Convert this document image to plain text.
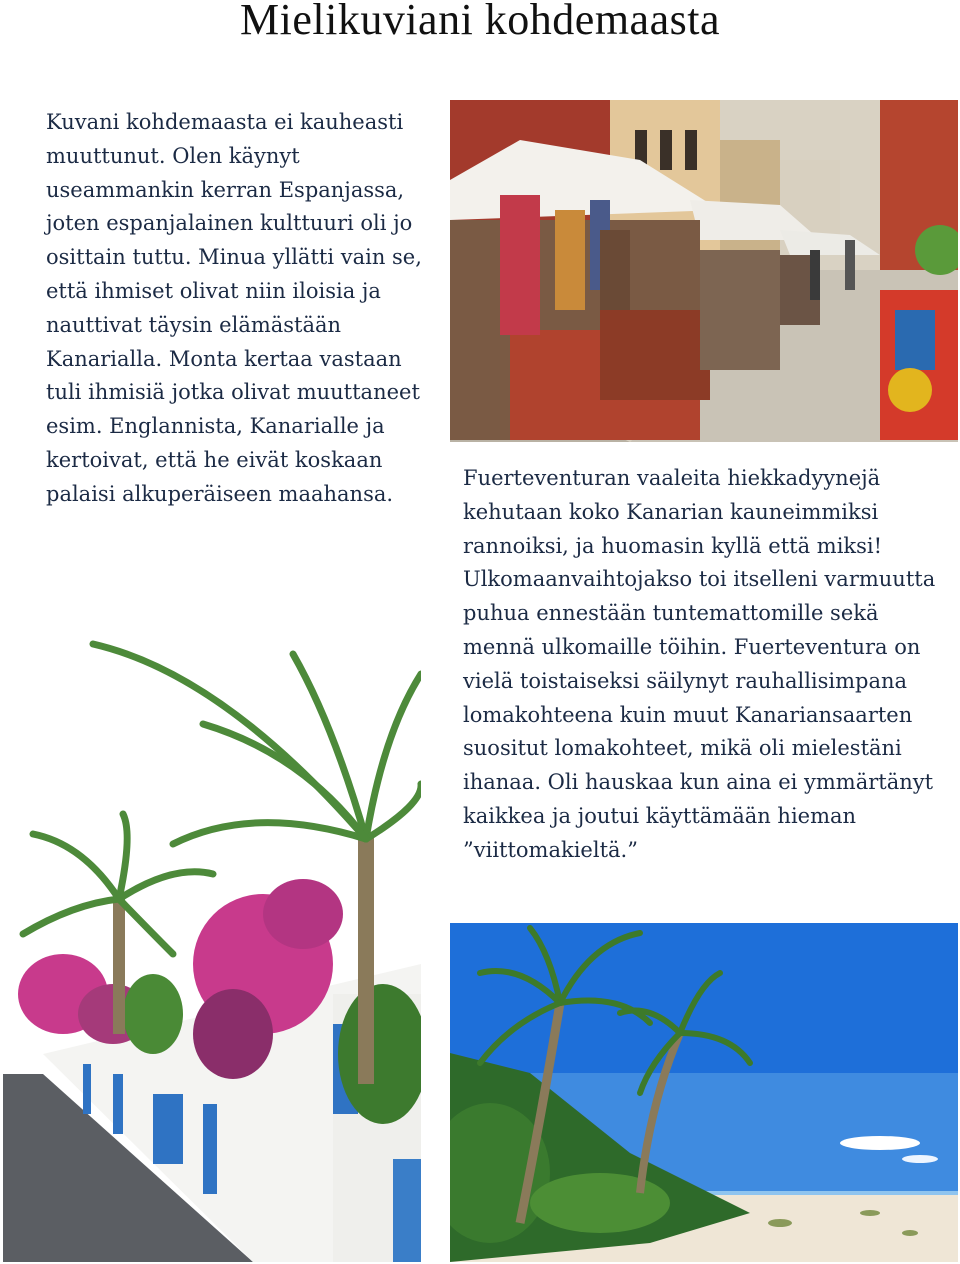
Mielikuviani kohdemaasta

Kuvani kohdemaasta ei kauheasti muuttunut. Olen käynyt useammankin kerran Espanjassa, joten espanjalainen kulttuuri oli jo osittain tuttu. Minua yllätti vain se, että ihmiset olivat niin iloisia ja nauttivat täysin elämästään Kanarialla. Monta kertaa vastaan tuli ihmisiä jotka olivat muuttaneet esim. Englannista, Kanarialle ja kertoivat, että he eivät koskaan palaisi alkuperäiseen maahansa.

Fuerteventuran vaaleita hiekkadyynejä kehutaan koko Kanarian kauneimmiksi rannoiksi, ja huomasin kyllä että miksi! Ulkomaanvaihtojakso toi itselleni varmuutta puhua ennestään tuntemattomille sekä mennä ulkomaille töihin. Fuerteventura on vielä toistaiseksi säilynyt rauhallisimpana lomakohteena kuin muut Kanariansaarten suositut lomakohteet, mikä oli mielestäni ihanaa. Oli hauskaa kun aina ei ymmärtänyt kaikkea ja joutui käyttämään hieman ”viittomakieltä.”
